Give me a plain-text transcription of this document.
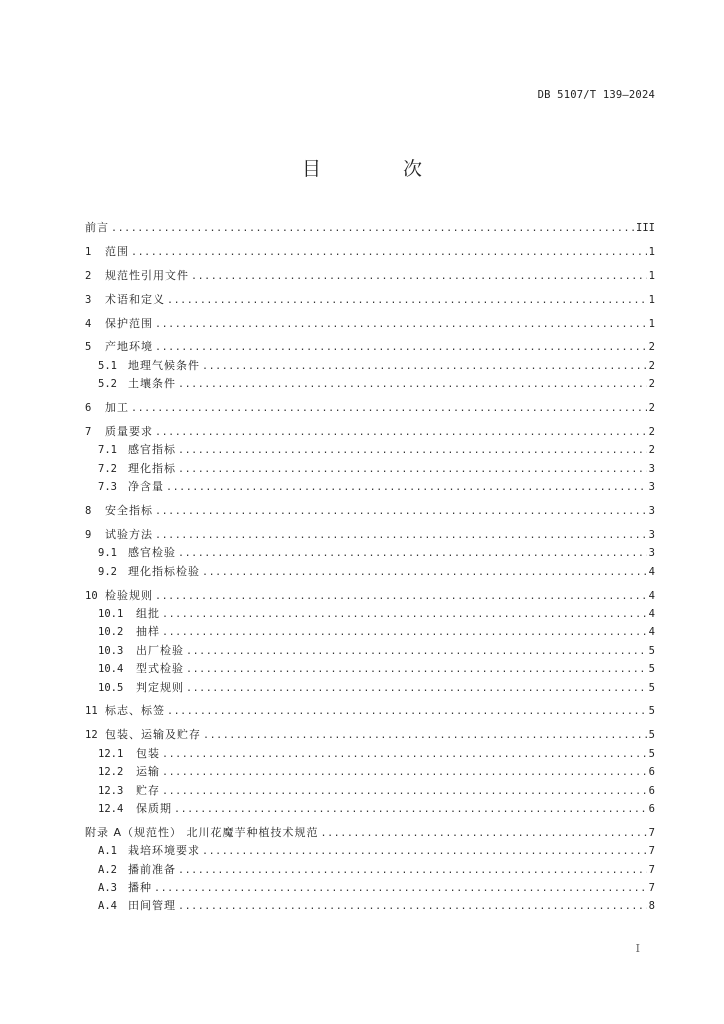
DB 5107/T 139—2024
目 次
前言 .....	III
1	范围 .....	1
2	规范性引用文件 .....	1
3	术语和定义 .....	1
4	保护范围 .....	1
5	产地环境 .....	2
5.1	地理气候条件 .....	2
5.2	土壤条件 .....	2
6	加工 .....	2
7	质量要求 .....	2
7.1	感官指标 .....	2
7.2	理化指标 .....	3
7.3	净含量 .....	3
8	安全指标 .....	3
9	试验方法 .....	3
9.1	感官检验 .....	3
9.2	理化指标检验 .....	4
10 检验规则 .....	4
10.1	组批 .....	4
10.2	抽样 .....	4
10.3	出厂检验 .....	5
10.4	型式检验 .....	5
10.5	判定规则 .....	5
11 标志、标签 .....	5
12 包装、运输及贮存 .....	5
12.1	包装 .....	5
12.2	运输 .....	6
12.3	贮存 .....	6
12.4	保质期 .....	6
附录 A（规范性） 北川花魔芋种植技术规范 .....	7
A.1	栽培环境要求 .....	7
A.2	播前准备 .....	7
A.3	播种 .....	7
A.4	田间管理 .....	8
I
